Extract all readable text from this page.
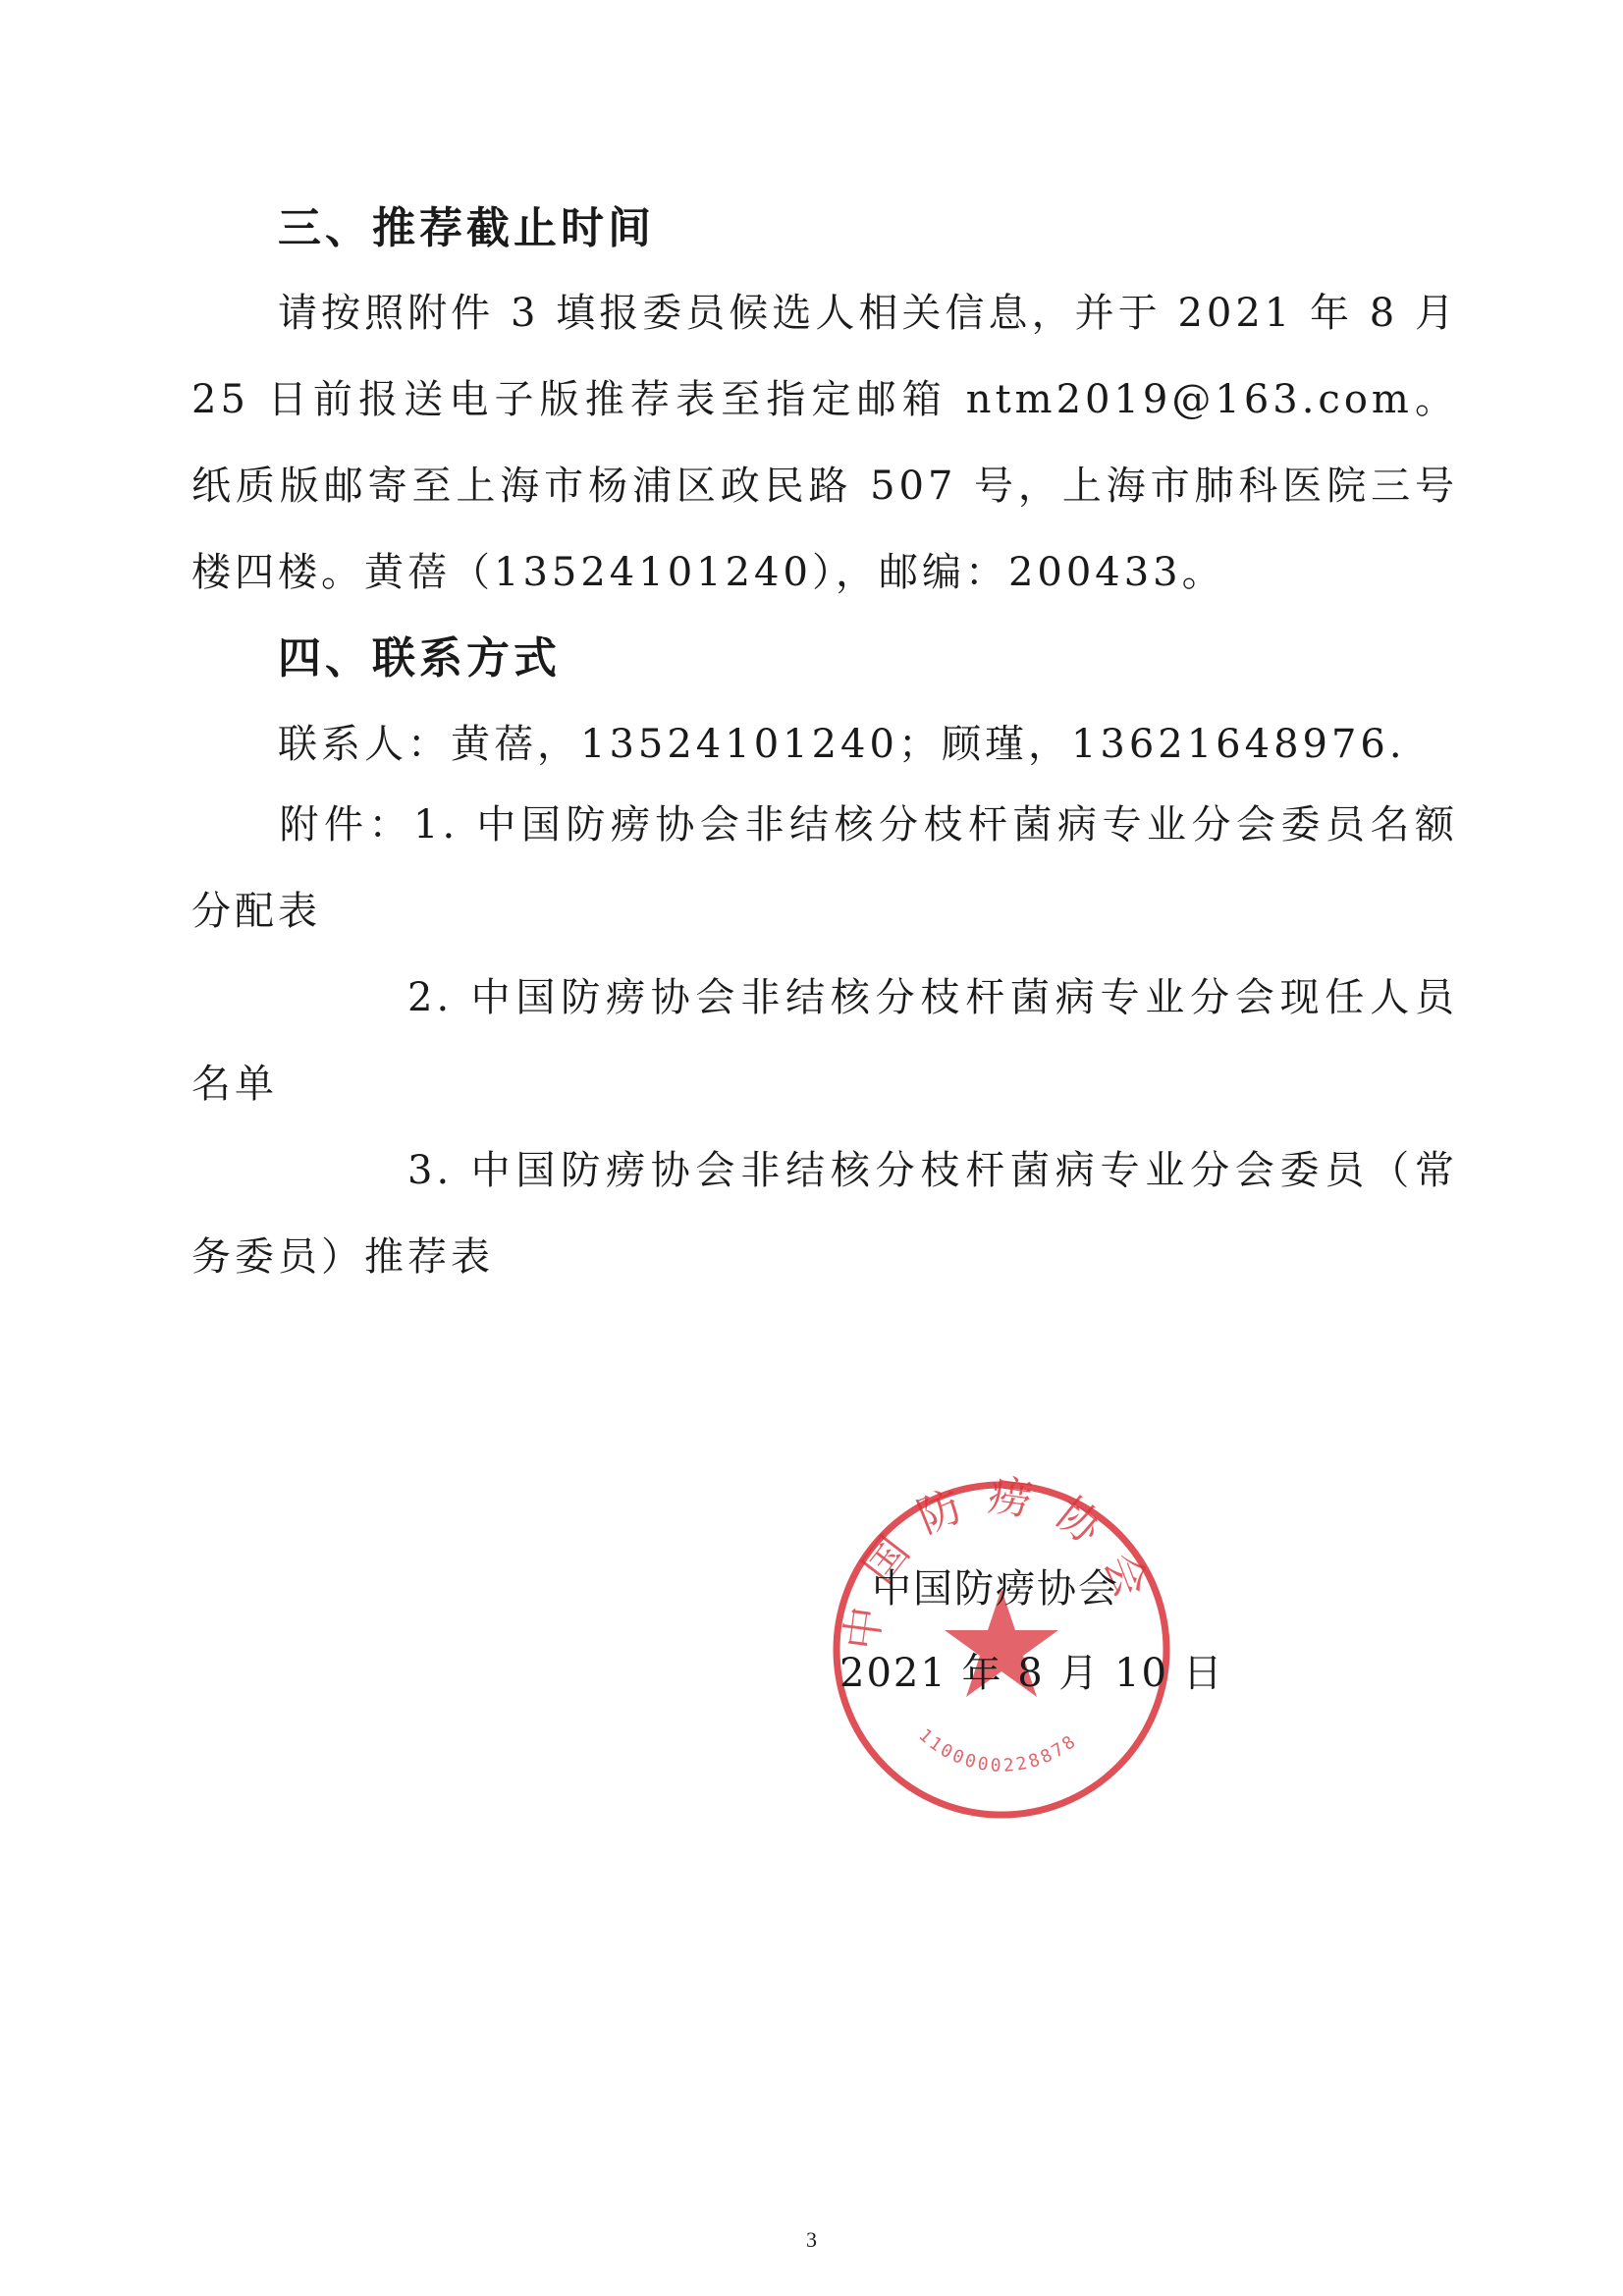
三、推荐截止时间
请按照附件 3 填报委员候选人相关信息，并于 2021 年 8 月 25 日前报送电子版推荐表至指定邮箱 ntm2019@163.com。纸质版邮寄至上海市杨浦区政民路 507 号，上海市肺科医院三号楼四楼。黄蓓（13524101240），邮编：200433。
四、联系方式
联系人：黄蓓，13524101240；顾瑾，13621648976.
附件：1. 中国防痨协会非结核分枝杆菌病专业分会委员名额分配表
2. 中国防痨协会非结核分枝杆菌病专业分会现任人员名单
3. 中国防痨协会非结核分枝杆菌病专业分会委员（常务委员）推荐表
中国防痨协会
1100000228878
中国防痨协会
2021 年 8 月 10 日
3
